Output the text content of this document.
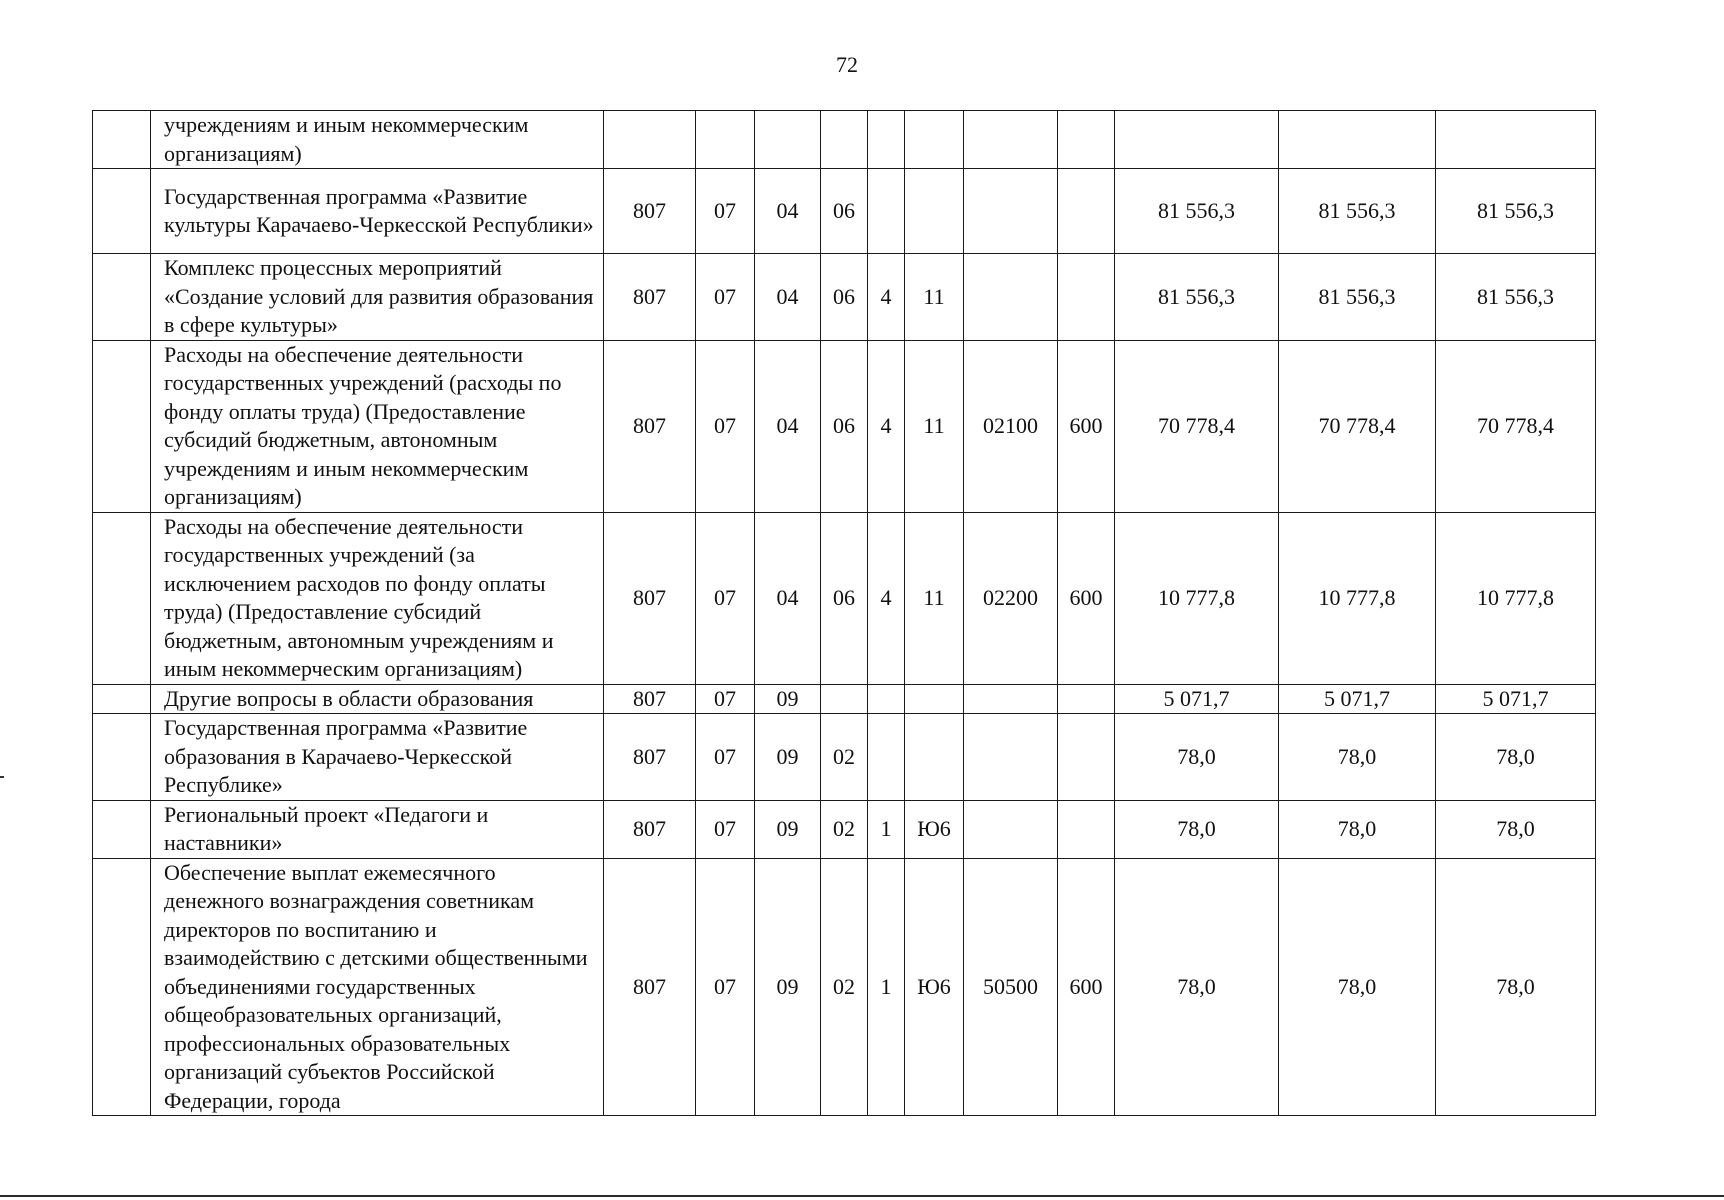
72
	учреждениям и иным некоммерческим организациям)											
	Государственная программа «Развитие культуры Карачаево-Черкесской Республики»	807	07	04	06					81 556,3	81 556,3	81 556,3
	Комплекс процессных мероприятий «Создание условий для развития образования в сфере культуры»	807	07	04	06	4	11			81 556,3	81 556,3	81 556,3
	Расходы на обеспечение деятельности государственных учреждений (расходы по фонду оплаты труда) (Предоставление субсидий бюджетным, автономным учреждениям и иным некоммерческим организациям)	807	07	04	06	4	11	02100	600	70 778,4	70 778,4	70 778,4
	Расходы на обеспечение деятельности государственных учреждений (за исключением расходов по фонду оплаты труда) (Предоставление субсидий бюджетным, автономным учреждениям и иным некоммерческим организациям)	807	07	04	06	4	11	02200	600	10 777,8	10 777,8	10 777,8
	Другие вопросы в области образования	807	07	09						5 071,7	5 071,7	5 071,7
	Государственная программа «Развитие образования в Карачаево-Черкесской Республике»	807	07	09	02					78,0	78,0	78,0
	Региональный проект «Педагоги и наставники»	807	07	09	02	1	Ю6			78,0	78,0	78,0
	Обеспечение выплат ежемесячного денежного вознаграждения советникам директоров по воспитанию и взаимодействию с детскими общественными объединениями государственных общеобразовательных организаций, профессиональных образовательных организаций субъектов Российской Федерации, города	807	07	09	02	1	Ю6	50500	600	78,0	78,0	78,0
